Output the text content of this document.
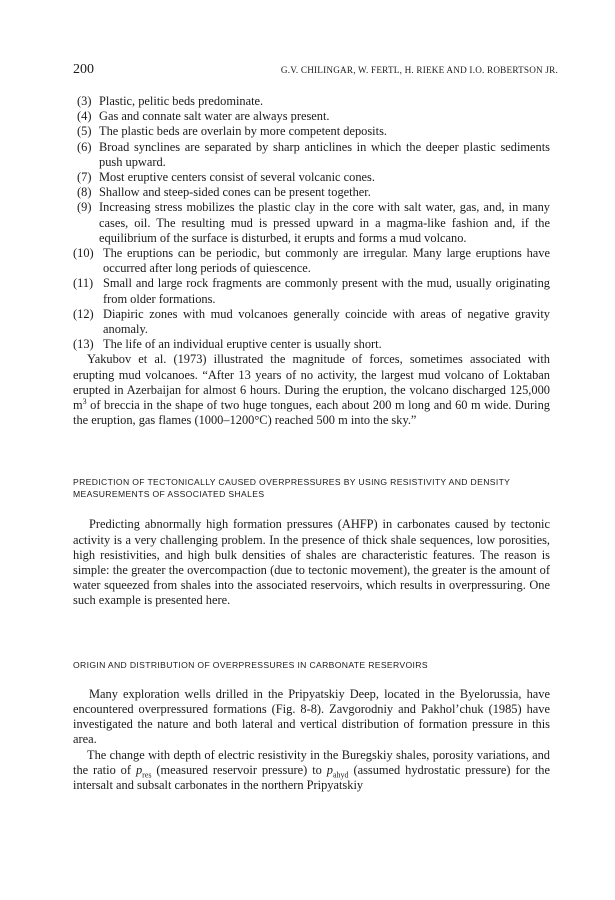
200	G.V. CHILINGAR, W. FERTL, H. RIEKE AND I.O. ROBERTSON JR.

(3) Plastic, pelitic beds predominate.

(4) Gas and connate salt water are always present.

(5) The plastic beds are overlain by more competent deposits.

(6) Broad synclines are separated by sharp anticlines in which the deeper plastic sediments push upward.

(7) Most eruptive centers consist of several volcanic cones.

(8) Shallow and steep-sided cones can be present together.

(9) Increasing stress mobilizes the plastic clay in the core with salt water, gas, and, in many cases, oil. The resulting mud is pressed upward in a magma-like fashion and, if the equilibrium of the surface is disturbed, it erupts and forms a mud volcano.

(10) The eruptions can be periodic, but commonly are irregular. Many large eruptions have occurred after long periods of quiescence.

(11) Small and large rock fragments are commonly present with the mud, usually originating from older formations.

(12) Diapiric zones with mud volcanoes generally coincide with areas of negative gravity anomaly.

(13) The life of an individual eruptive center is usually short.

Yakubov et al. (1973) illustrated the magnitude of forces, sometimes associated with erupting mud volcanoes. “After 13 years of no activity, the largest mud volcano of Loktaban erupted in Azerbaijan for almost 6 hours. During the eruption, the volcano discharged 125,000 $m^3$ of breccia in the shape of two huge tongues, each about 200 m long and 60 m wide. During the eruption, gas flames (1000–1200°C) reached 500 m into the sky.”

PREDICTION OF TECTONICALLY CAUSED OVERPRESSURES BY USING RESISTIVITY AND DENSITY MEASUREMENTS OF ASSOCIATED SHALES

Predicting abnormally high formation pressures (AHFP) in carbonates caused by tectonic activity is a very challenging problem. In the presence of thick shale sequences, low porosities, high resistivities, and high bulk densities of shales are characteristic features. The reason is simple: the greater the overcompaction (due to tectonic movement), the greater is the amount of water squeezed from shales into the associated reservoirs, which results in overpressuring. One such example is presented here.

ORIGIN AND DISTRIBUTION OF OVERPRESSURES IN CARBONATE RESERVOIRS

Many exploration wells drilled in the Pripyatskiy Deep, located in the Byelorussia, have encountered overpressured formations (Fig. 8-8). Zavgorodniy and Pakhol’chuk (1985) have investigated the nature and both lateral and vertical distribution of formation pressure in this area.

The change with depth of electric resistivity in the Buregskiy shales, porosity variations, and the ratio of $p_{res}$ (measured reservoir pressure) to $p_{ahyd}$ (assumed hydrostatic pressure) for the intersalt and subsalt carbonates in the northern Pripyatskiy
